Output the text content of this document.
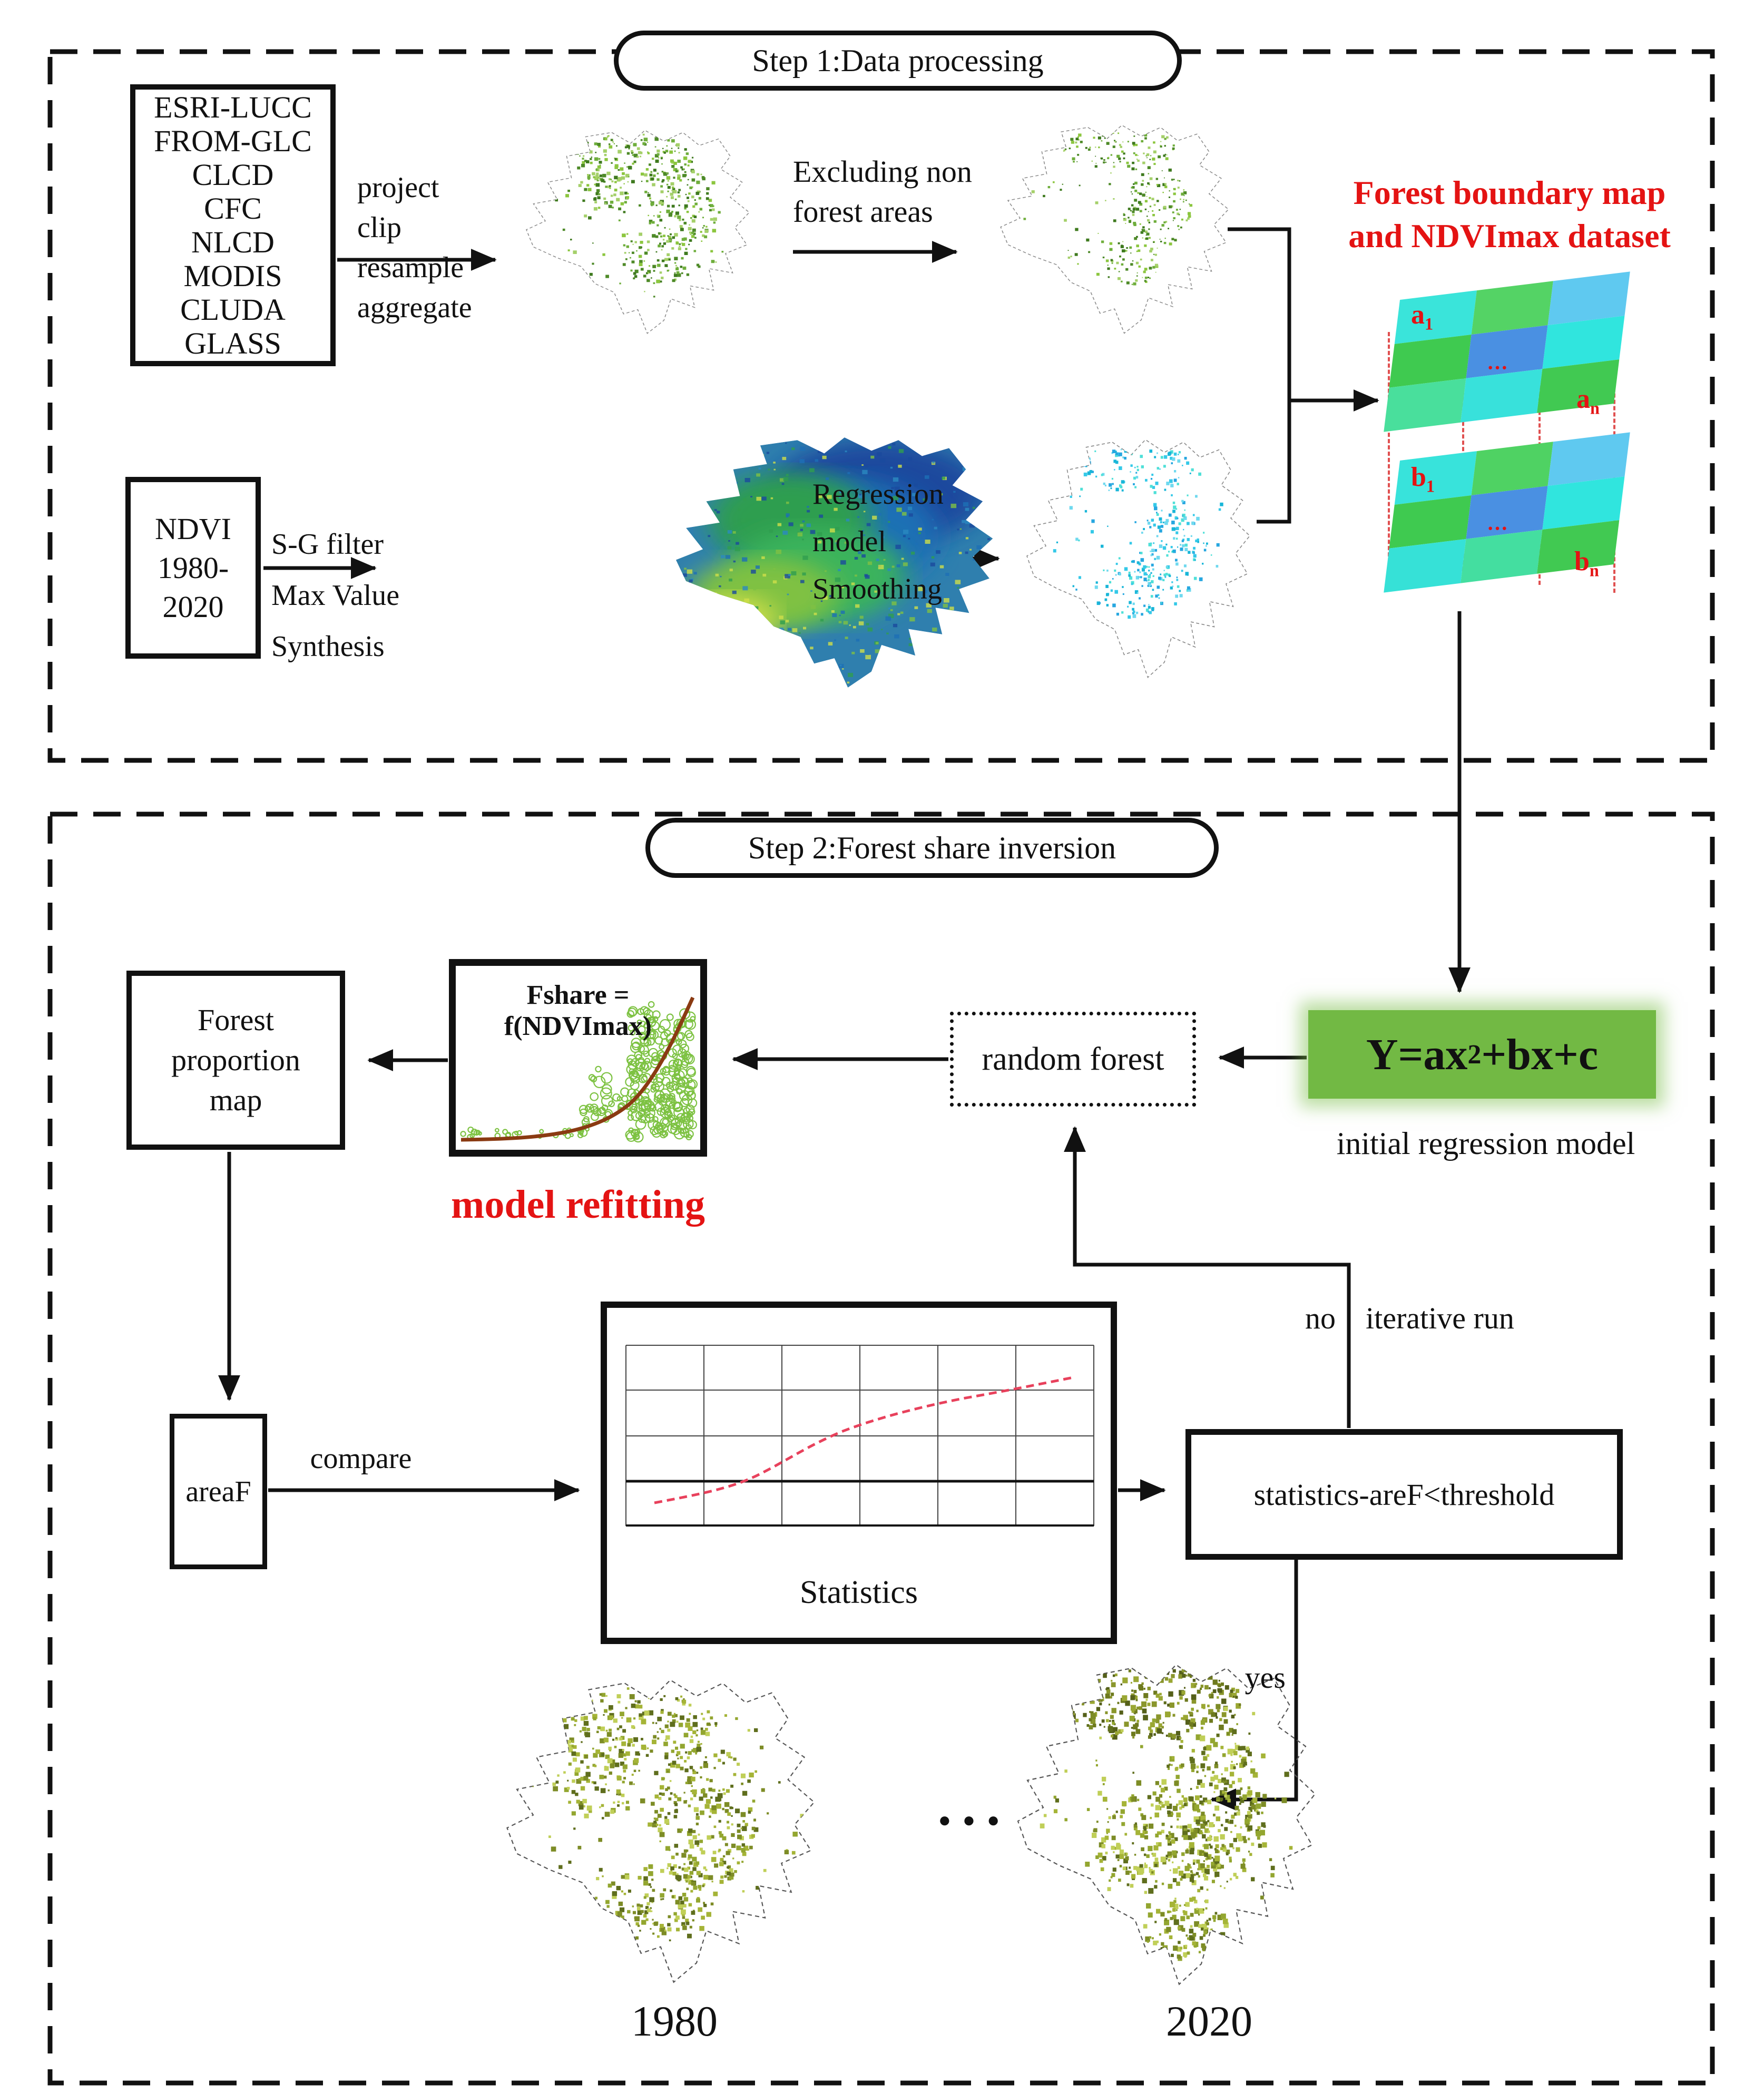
Step 1:Data processing
ESRI-LUCC
FROM-GLC
CLCD
CFC
NLCD
MODIS
CLUDA
GLASS
project
clip
resample
aggregate
Excluding non
forest areas
Forest boundary map
and NDVImax dataset
$a_1$
···
$a_n$
$b_1$
···
$b_n$
NDVI
1980-2020
S-G filter
Max Value
Synthesis
Regression
model
Smoothing
Step 2:Forest share inversion
Forest
proportion
map
Fshare = f(NDVImax)
model refitting
random forest	Y=ax 2 +bx+c
initial regression model
no iterative run
areaF
compare
Statistics
statistics-areF<threshold
yes
●●●
1980	2020
